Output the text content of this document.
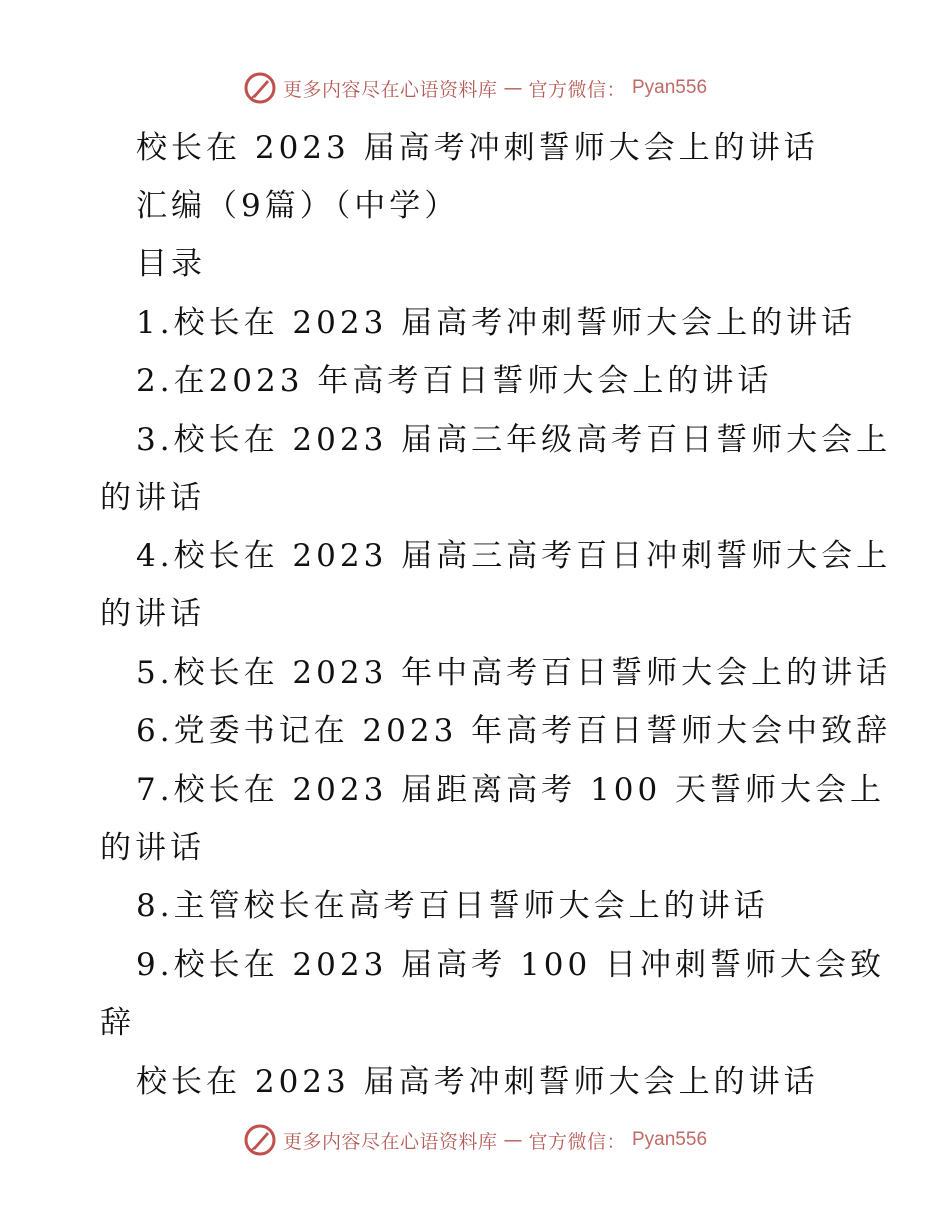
更多内容尽在心语资料库 — 官方微信： Pyan556
校长在 2023 届高考冲刺誓师大会上的讲话
汇编（9篇）（中学）
目录
1.校长在 2023 届高考冲刺誓师大会上的讲话
2.在2023 年高考百日誓师大会上的讲话
3.校长在 2023 届高三年级高考百日誓师大会上
的讲话
4.校长在 2023 届高三高考百日冲刺誓师大会上
的讲话
5.校长在 2023 年中高考百日誓师大会上的讲话
6.党委书记在 2023 年高考百日誓师大会中致辞
7.校长在 2023 届距离高考 100 天誓师大会上
的讲话
8.主管校长在高考百日誓师大会上的讲话
9.校长在 2023 届高考 100 日冲刺誓师大会致
辞
校长在 2023 届高考冲刺誓师大会上的讲话
更多内容尽在心语资料库 — 官方微信： Pyan556
